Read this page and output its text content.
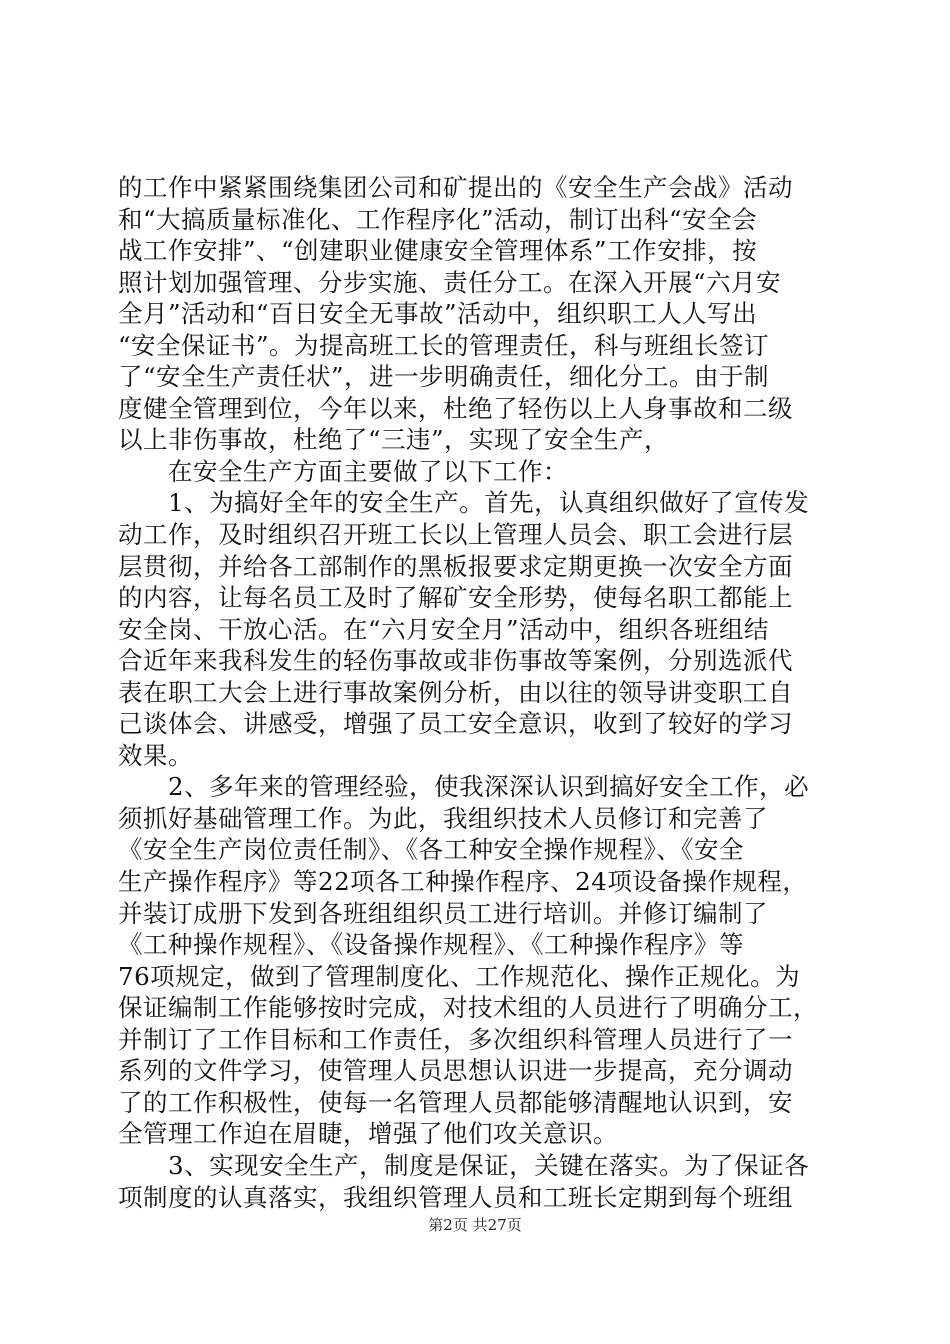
的工作中紧紧围绕集团公司和矿提出的《安全生产会战》活动
和“大搞质量标准化、工作程序化”活动，制订出科“安全会
战工作安排”、“创建职业健康安全管理体系”工作安排，按
照计划加强管理、分步实施、责任分工。在深入开展“六月安
全月”活动和“百日安全无事故”活动中，组织职工人人写出
“安全保证书”。为提高班工长的管理责任，科与班组长签订
了“安全生产责任状”，进一步明确责任，细化分工。由于制
度健全管理到位，今年以来，杜绝了轻伤以上人身事故和二级
以上非伤事故，杜绝了“三违”，实现了安全生产，
　　在安全生产方面主要做了以下工作：
　　1、为搞好全年的安全生产。首先，认真组织做好了宣传发
动工作，及时组织召开班工长以上管理人员会、职工会进行层
层贯彻，并给各工部制作的黑板报要求定期更换一次安全方面
的内容，让每名员工及时了解矿安全形势，使每名职工都能上
安全岗、干放心活。在“六月安全月”活动中，组织各班组结
合近年来我科发生的轻伤事故或非伤事故等案例，分别选派代
表在职工大会上进行事故案例分析，由以往的领导讲变职工自
己谈体会、讲感受，增强了员工安全意识，收到了较好的学习
效果。
　　2、多年来的管理经验，使我深深认识到搞好安全工作，必
须抓好基础管理工作。为此，我组织技术人员修订和完善了
《安全生产岗位责任制》、《各工种安全操作规程》、《安全
生产操作程序》等22项各工种操作程序、24项设备操作规程，
并装订成册下发到各班组组织员工进行培训。并修订编制了
《工种操作规程》、《设备操作规程》、《工种操作程序》等
76项规定，做到了管理制度化、工作规范化、操作正规化。为
保证编制工作能够按时完成，对技术组的人员进行了明确分工，
并制订了工作目标和工作责任，多次组织科管理人员进行了一
系列的文件学习，使管理人员思想认识进一步提高，充分调动
了的工作积极性，使每一名管理人员都能够清醒地认识到，安
全管理工作迫在眉睫，增强了他们攻关意识。
　　3、实现安全生产，制度是保证，关键在落实。为了保证各
项制度的认真落实，我组织管理人员和工班长定期到每个班组
第2页 共27页
